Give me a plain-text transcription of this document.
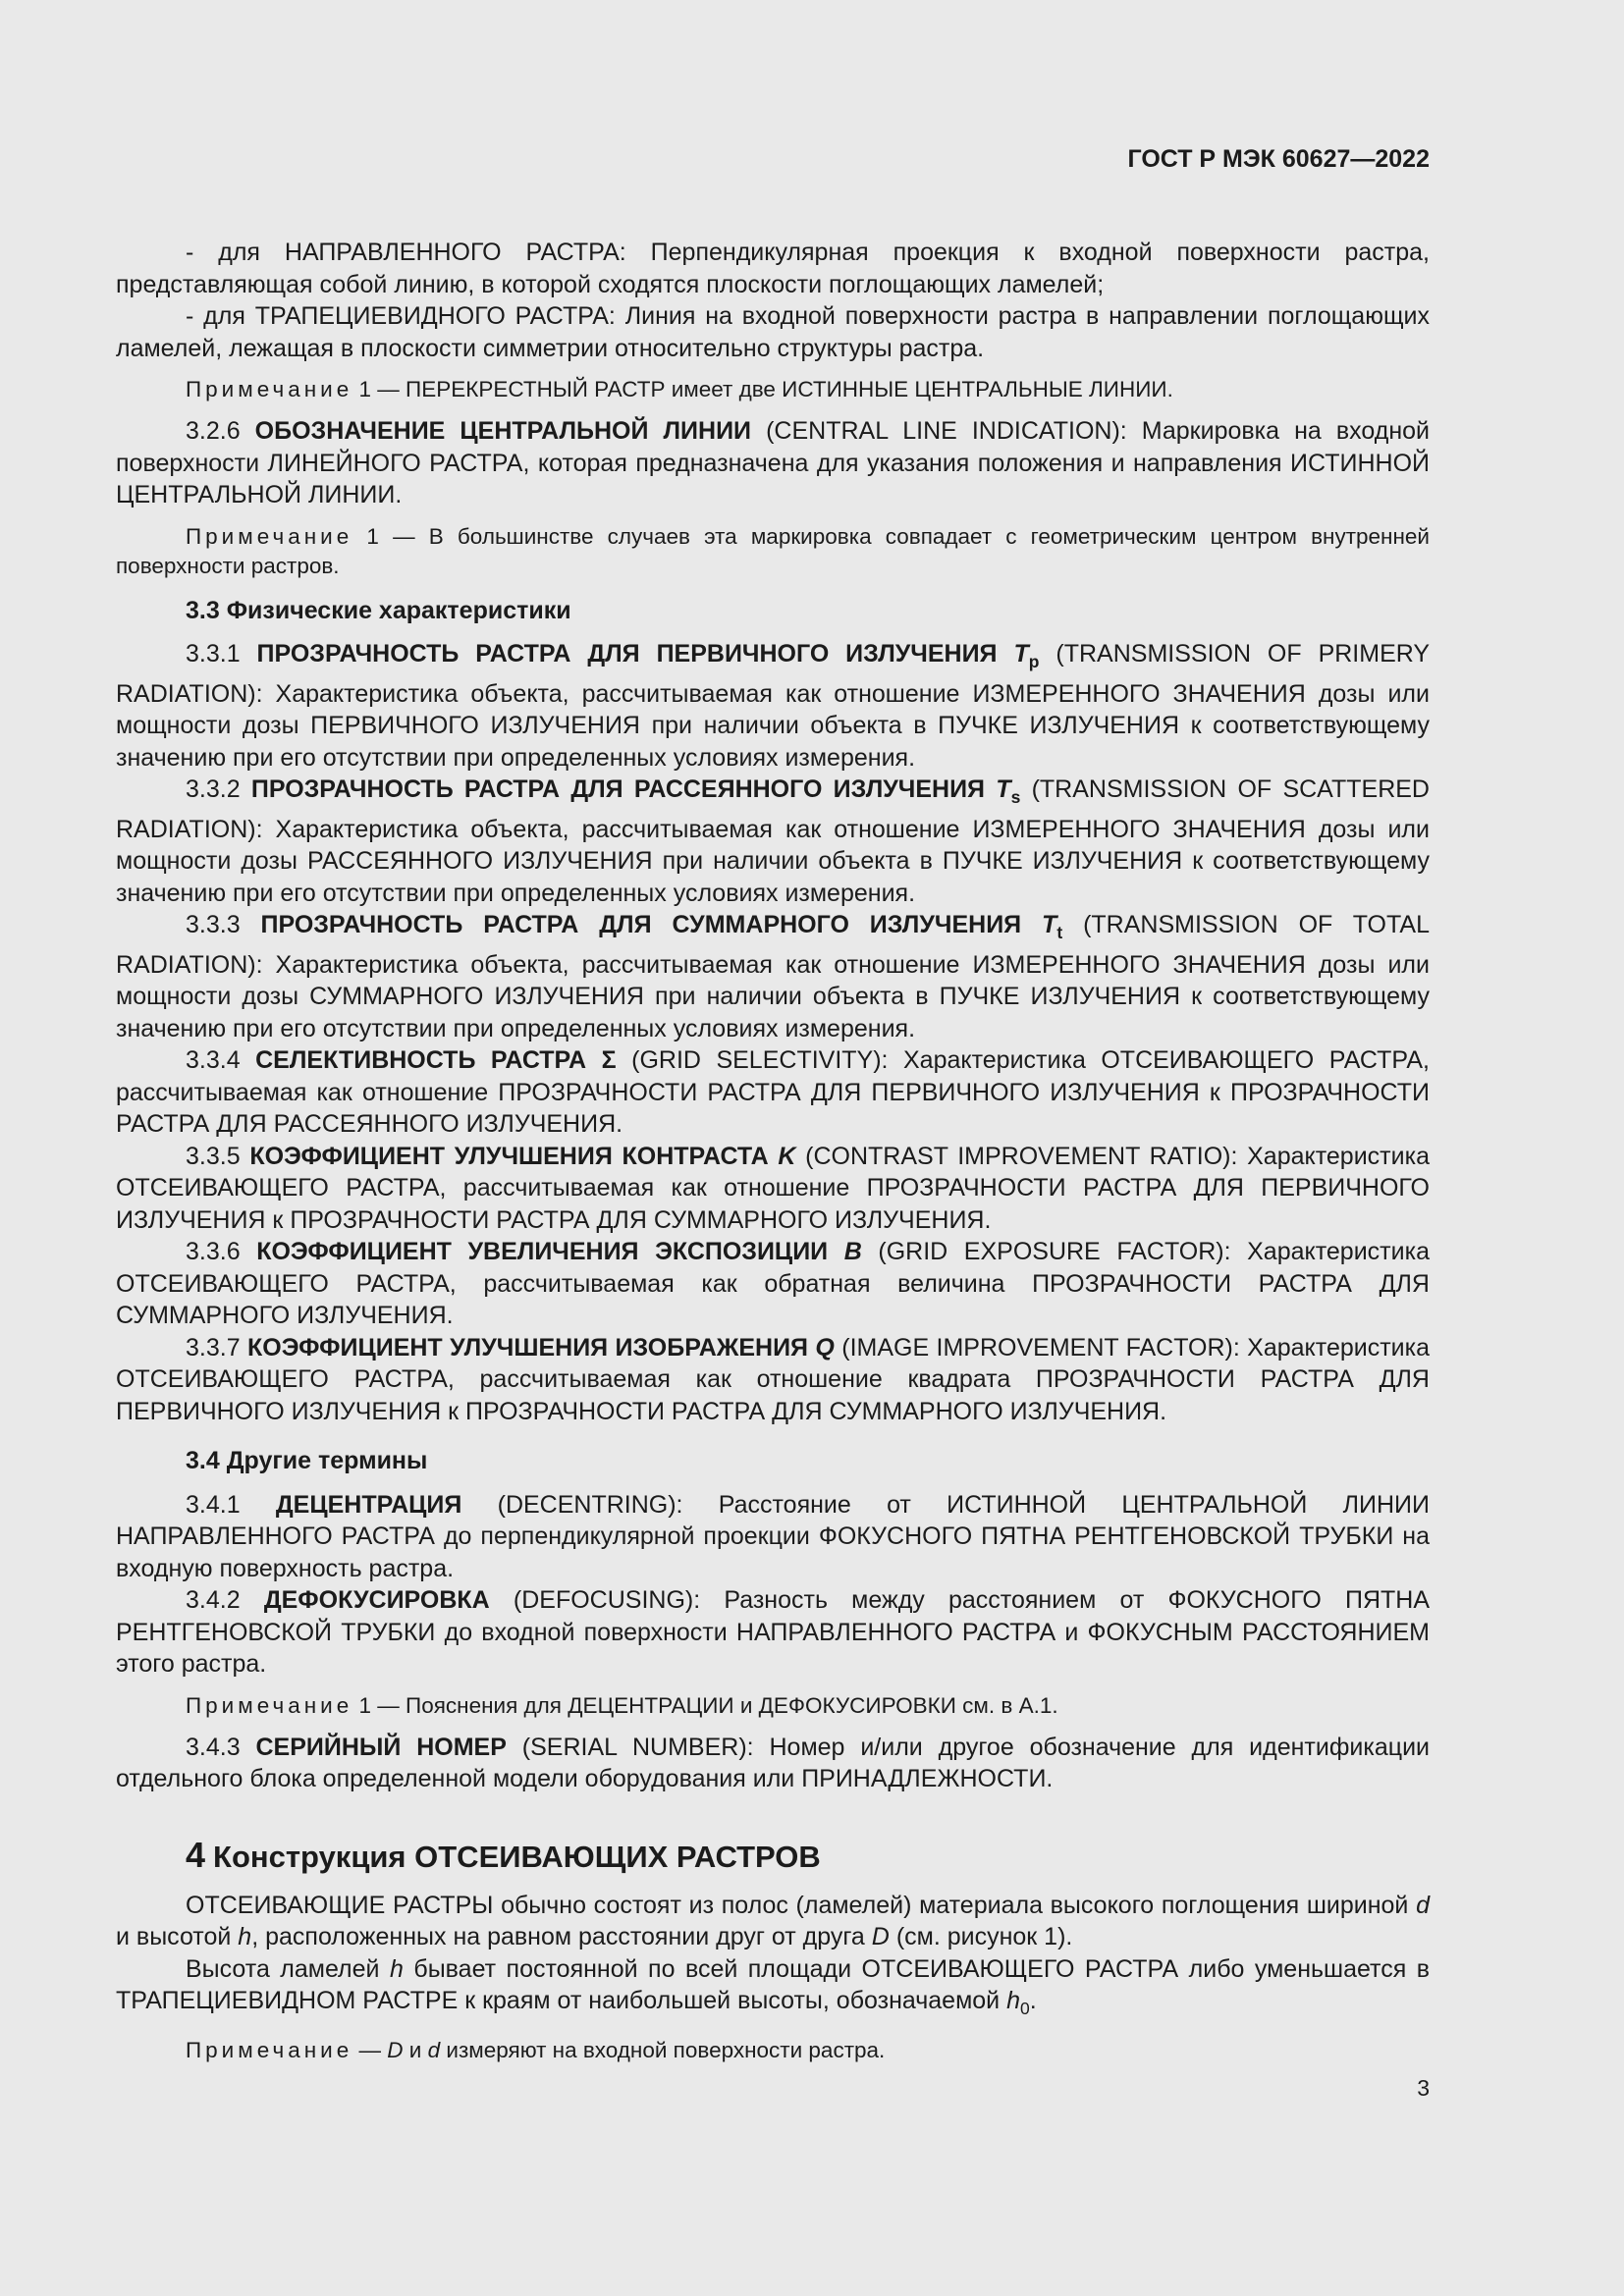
ГОСТ Р МЭК 60627—2022

- для НАПРАВЛЕННОГО РАСТРА: Перпендикулярная проекция к входной поверхности растра, представляющая собой линию, в которой сходятся плоскости поглощающих ламелей;

- для ТРАПЕЦИЕВИДНОГО РАСТРА: Линия на входной поверхности растра в направлении поглощающих ламелей, лежащая в плоскости симметрии относительно структуры растра.

Примечание 1 — ПЕРЕКРЕСТНЫЙ РАСТР имеет две ИСТИННЫЕ ЦЕНТРАЛЬНЫЕ ЛИНИИ.

3.2.6 ОБОЗНАЧЕНИЕ ЦЕНТРАЛЬНОЙ ЛИНИИ (CENTRAL LINE INDICATION): Маркировка на входной поверхности ЛИНЕЙНОГО РАСТРА, которая предназначена для указания положения и направления ИСТИННОЙ ЦЕНТРАЛЬНОЙ ЛИНИИ.

Примечание 1 — В большинстве случаев эта маркировка совпадает с геометрическим центром внутренней поверхности растров.

3.3 Физические характеристики

3.3.1 ПРОЗРАЧНОСТЬ РАСТРА ДЛЯ ПЕРВИЧНОГО ИЗЛУЧЕНИЯ $T_p$ (TRANSMISSION OF PRIMERY RADIATION): Характеристика объекта, рассчитываемая как отношение ИЗМЕРЕННОГО ЗНАЧЕНИЯ дозы или мощности дозы ПЕРВИЧНОГО ИЗЛУЧЕНИЯ при наличии объекта в ПУЧКЕ ИЗЛУЧЕНИЯ к соответствующему значению при его отсутствии при определенных условиях измерения.

3.3.2 ПРОЗРАЧНОСТЬ РАСТРА ДЛЯ РАССЕЯННОГО ИЗЛУЧЕНИЯ $T_s$ (TRANSMISSION OF SCATTERED RADIATION): Характеристика объекта, рассчитываемая как отношение ИЗМЕРЕННОГО ЗНАЧЕНИЯ дозы или мощности дозы РАССЕЯННОГО ИЗЛУЧЕНИЯ при наличии объекта в ПУЧКЕ ИЗЛУЧЕНИЯ к соответствующему значению при его отсутствии при определенных условиях измерения.

3.3.3 ПРОЗРАЧНОСТЬ РАСТРА ДЛЯ СУММАРНОГО ИЗЛУЧЕНИЯ $T_t$ (TRANSMISSION OF TOTAL RADIATION): Характеристика объекта, рассчитываемая как отношение ИЗМЕРЕННОГО ЗНАЧЕНИЯ дозы или мощности дозы СУММАРНОГО ИЗЛУЧЕНИЯ при наличии объекта в ПУЧКЕ ИЗЛУЧЕНИЯ к соответствующему значению при его отсутствии при определенных условиях измерения.

3.3.4 СЕЛЕКТИВНОСТЬ РАСТРА Σ (GRID SELECTIVITY): Характеристика ОТСЕИВАЮЩЕГО РАСТРА, рассчитываемая как отношение ПРОЗРАЧНОСТИ РАСТРА ДЛЯ ПЕРВИЧНОГО ИЗЛУЧЕНИЯ к ПРОЗРАЧНОСТИ РАСТРА ДЛЯ РАССЕЯННОГО ИЗЛУЧЕНИЯ.

3.3.5 КОЭФФИЦИЕНТ УЛУЧШЕНИЯ КОНТРАСТА K (CONTRAST IMPROVEMENT RATIO): Характеристика ОТСЕИВАЮЩЕГО РАСТРА, рассчитываемая как отношение ПРОЗРАЧНОСТИ РАСТРА ДЛЯ ПЕРВИЧНОГО ИЗЛУЧЕНИЯ к ПРОЗРАЧНОСТИ РАСТРА ДЛЯ СУММАРНОГО ИЗЛУЧЕНИЯ.

3.3.6 КОЭФФИЦИЕНТ УВЕЛИЧЕНИЯ ЭКСПОЗИЦИИ B (GRID EXPOSURE FACTOR): Характеристика ОТСЕИВАЮЩЕГО РАСТРА, рассчитываемая как обратная величина ПРОЗРАЧНОСТИ РАСТРА ДЛЯ СУММАРНОГО ИЗЛУЧЕНИЯ.

3.3.7 КОЭФФИЦИЕНТ УЛУЧШЕНИЯ ИЗОБРАЖЕНИЯ Q (IMAGE IMPROVEMENT FACTOR): Характеристика ОТСЕИВАЮЩЕГО РАСТРА, рассчитываемая как отношение квадрата ПРОЗРАЧНОСТИ РАСТРА ДЛЯ ПЕРВИЧНОГО ИЗЛУЧЕНИЯ к ПРОЗРАЧНОСТИ РАСТРА ДЛЯ СУММАРНОГО ИЗЛУЧЕНИЯ.

3.4 Другие термины

3.4.1 ДЕЦЕНТРАЦИЯ (DECENTRING): Расстояние от ИСТИННОЙ ЦЕНТРАЛЬНОЙ ЛИНИИ НАПРАВЛЕННОГО РАСТРА до перпендикулярной проекции ФОКУСНОГО ПЯТНА РЕНТГЕНОВСКОЙ ТРУБКИ на входную поверхность растра.

3.4.2 ДЕФОКУСИРОВКА (DEFOCUSING): Разность между расстоянием от ФОКУСНОГО ПЯТНА РЕНТГЕНОВСКОЙ ТРУБКИ до входной поверхности НАПРАВЛЕННОГО РАСТРА и ФОКУСНЫМ РАССТОЯНИЕМ этого растра.

Примечание 1 — Пояснения для ДЕЦЕНТРАЦИИ и ДЕФОКУСИРОВКИ см. в А.1.

3.4.3 СЕРИЙНЫЙ НОМЕР (SERIAL NUMBER): Номер и/или другое обозначение для идентификации отдельного блока определенной модели оборудования или ПРИНАДЛЕЖНОСТИ.

4 Конструкция ОТСЕИВАЮЩИХ РАСТРОВ

ОТСЕИВАЮЩИЕ РАСТРЫ обычно состоят из полос (ламелей) материала высокого поглощения шириной d и высотой h, расположенных на равном расстоянии друг от друга D (см. рисунок 1).

Высота ламелей h бывает постоянной по всей площади ОТСЕИВАЮЩЕГО РАСТРА либо уменьшается в ТРАПЕЦИЕВИДНОМ РАСТРЕ к краям от наибольшей высоты, обозначаемой $h_0$.

Примечание — D и d измеряют на входной поверхности растра.

3
